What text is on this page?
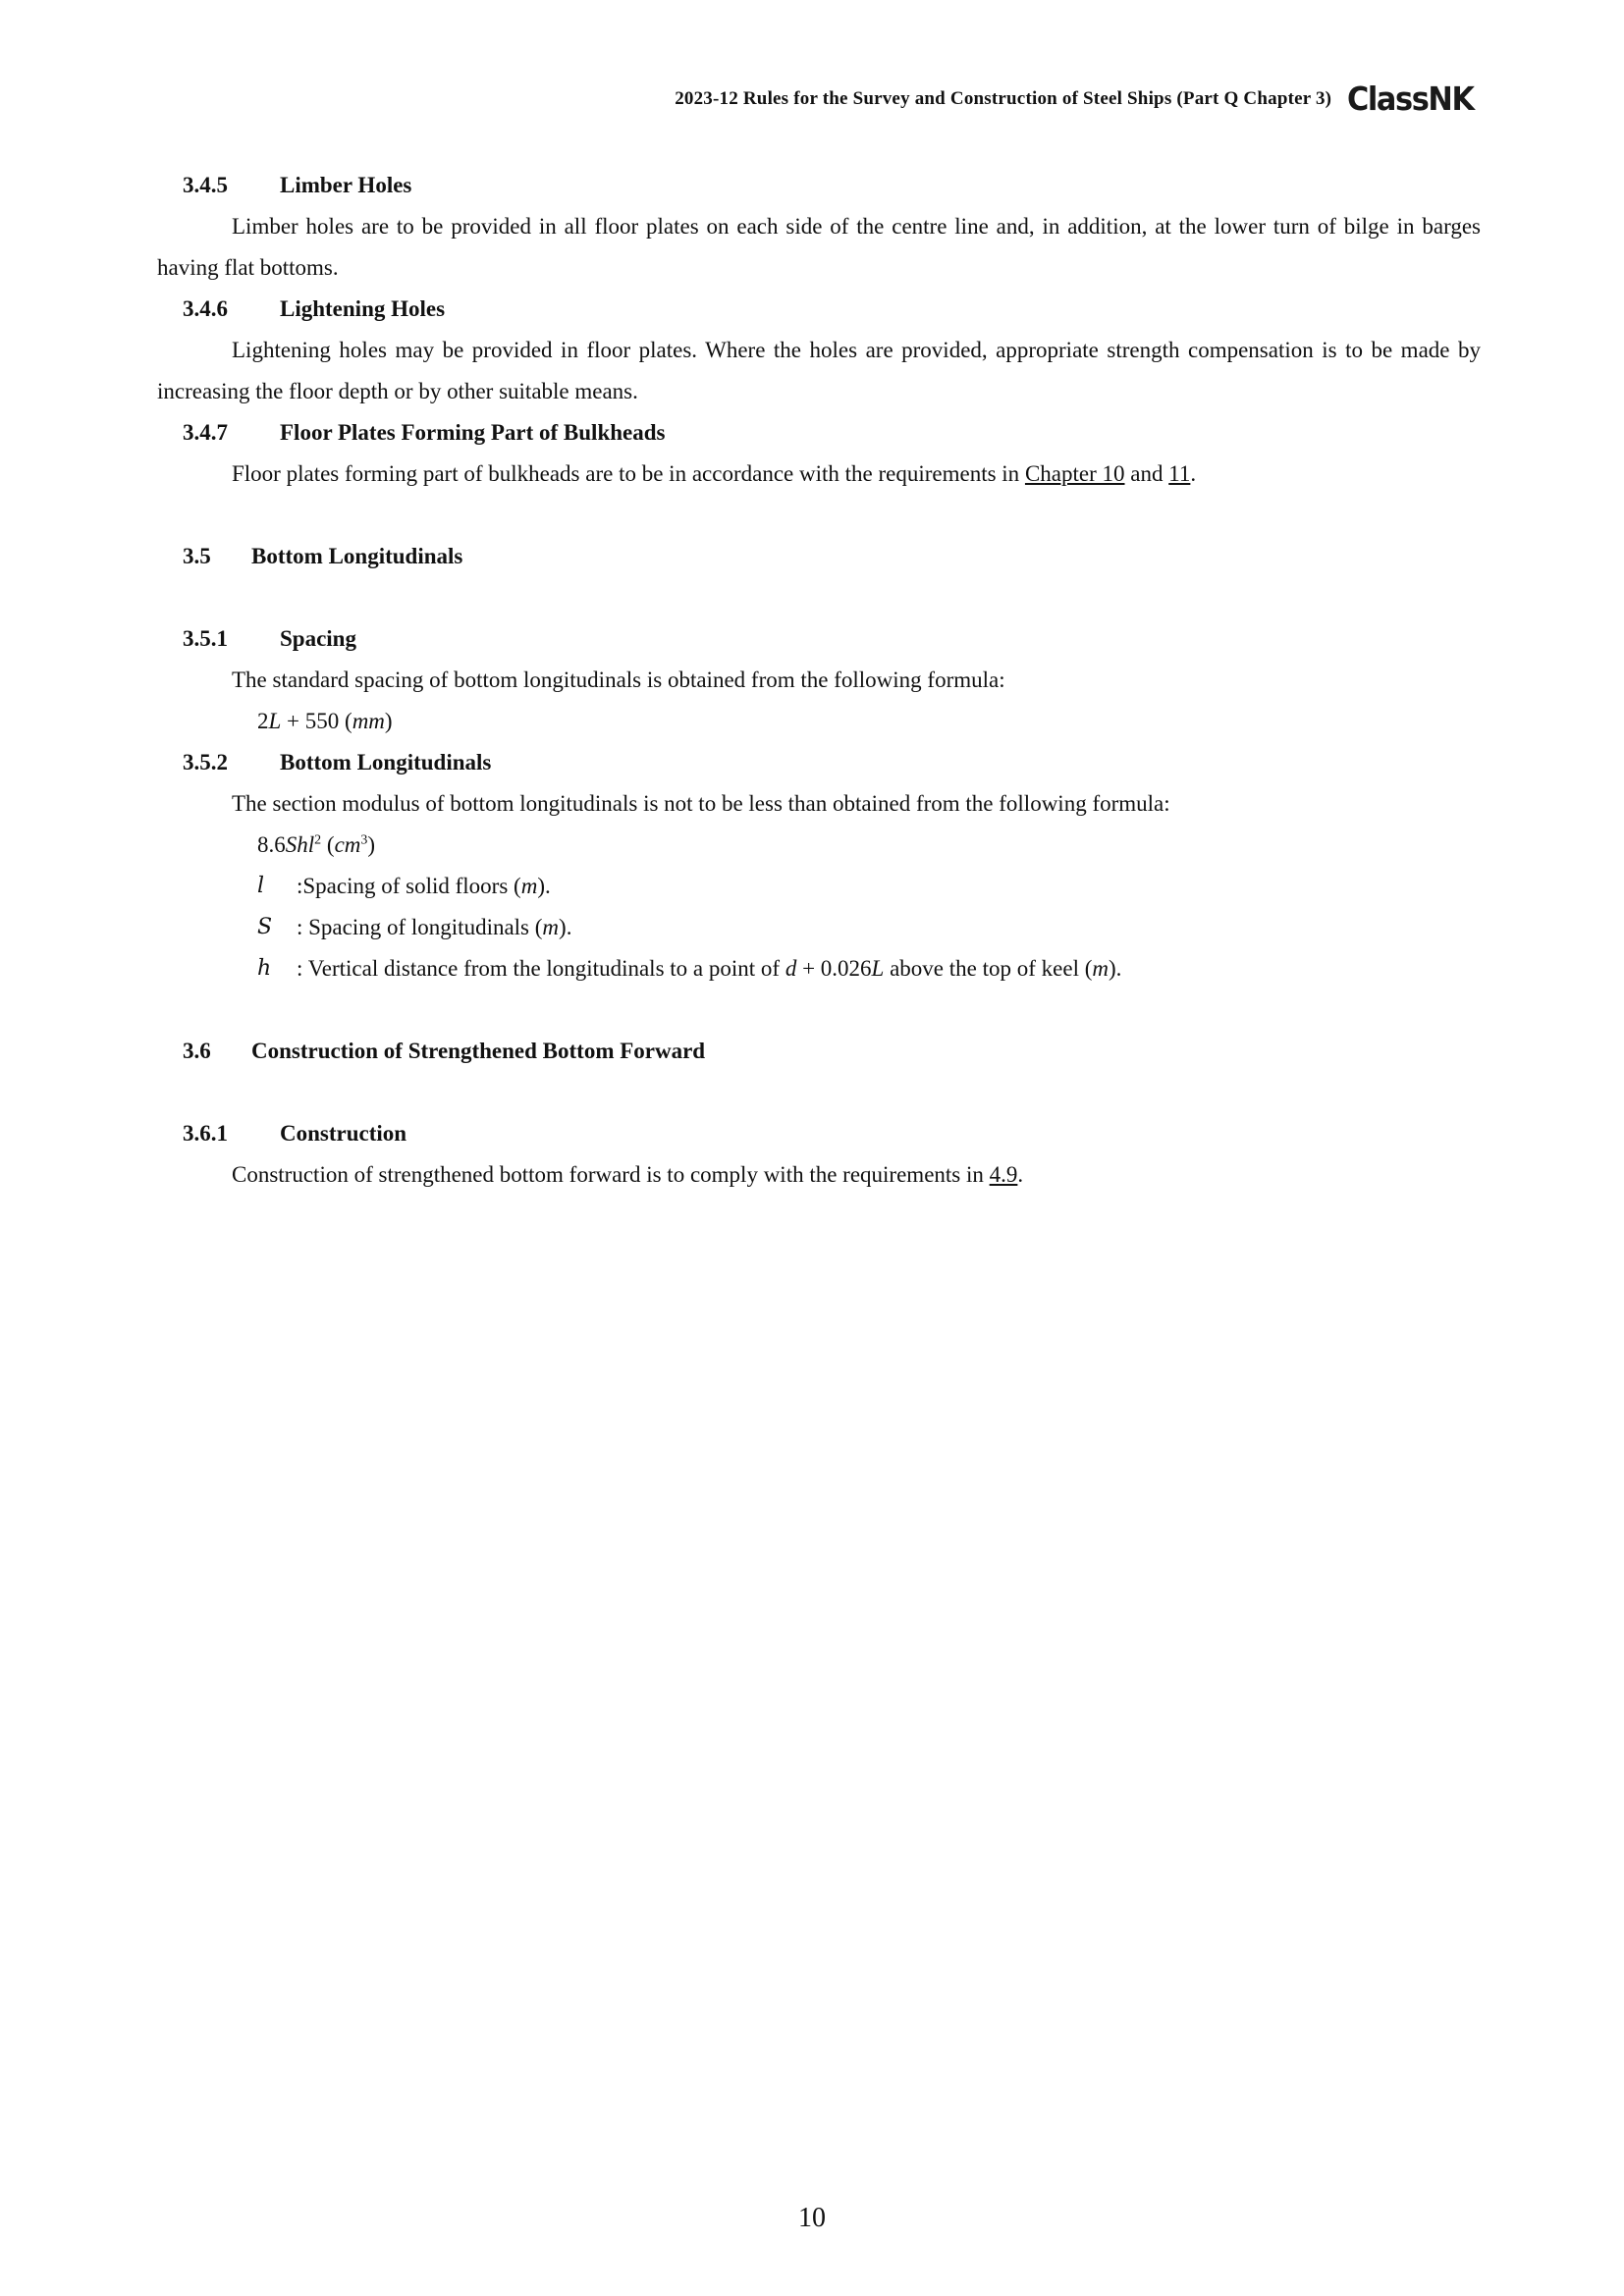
2023-12 Rules for the Survey and Construction of Steel Ships (Part Q Chapter 3) ClassNK
3.4.5	Limber Holes

Limber holes are to be provided in all floor plates on each side of the centre line and, in addition, at the lower turn of bilge in barges having flat bottoms.

3.4.6	Lightening Holes

Lightening holes may be provided in floor plates. Where the holes are provided, appropriate strength compensation is to be made by increasing the floor depth or by other suitable means.

3.4.7	Floor Plates Forming Part of Bulkheads

Floor plates forming part of bulkheads are to be in accordance with the requirements in Chapter 10 and 11.

3.5	Bottom Longitudinals
3.5.1	Spacing

The standard spacing of bottom longitudinals is obtained from the following formula:

2L + 550 (mm)
3.5.2	Bottom Longitudinals

The section modulus of bottom longitudinals is not to be less than obtained from the following formula:

8.6Shl$^2$ $(cm^3)$
l	:Spacing of solid floors (m).
S	: Spacing of longitudinals (m).
h	: Vertical distance from the longitudinals to a point of d + 0.026L above the top of keel (m).
3.6	Construction of Strengthened Bottom Forward
3.6.1	Construction

Construction of strengthened bottom forward is to comply with the requirements in 4.9.

10
